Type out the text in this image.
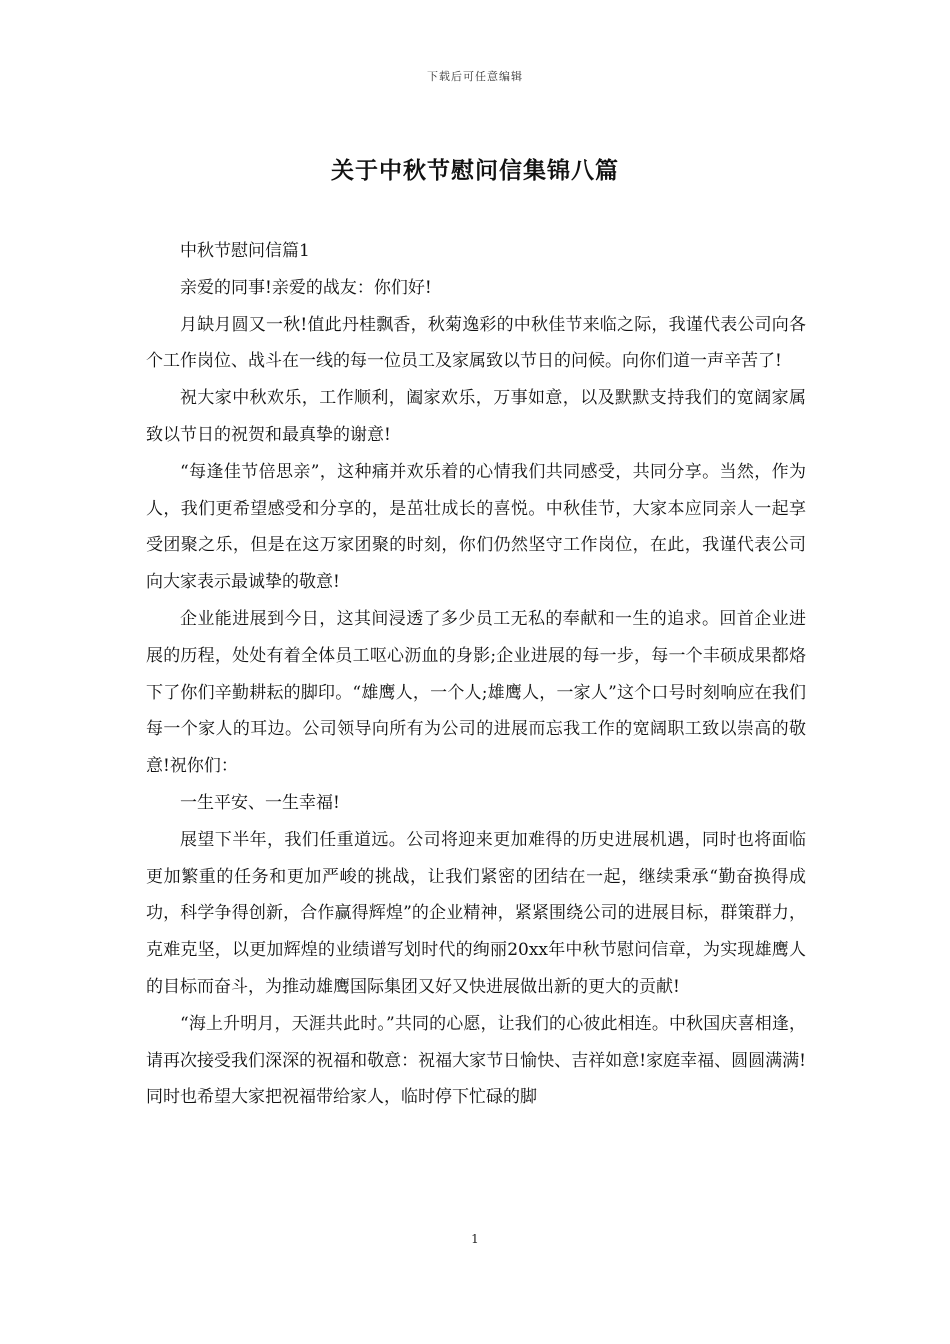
下载后可任意编辑
关于中秋节慰问信集锦八篇

中秋节慰问信篇1

亲爱的同事!亲爱的战友：你们好!

月缺月圆又一秋!值此丹桂飘香，秋菊逸彩的中秋佳节来临之际，我谨代表公司向各个工作岗位、战斗在一线的每一位员工及家属致以节日的问候。向你们道一声辛苦了!

祝大家中秋欢乐，工作顺利，阖家欢乐，万事如意，以及默默支持我们的宽阔家属致以节日的祝贺和最真挚的谢意!

“每逢佳节倍思亲”，这种痛并欢乐着的心情我们共同感受，共同分享。当然，作为人，我们更希望感受和分享的，是茁壮成长的喜悦。中秋佳节，大家本应同亲人一起享受团聚之乐，但是在这万家团聚的时刻，你们仍然坚守工作岗位，在此，我谨代表公司向大家表示最诚挚的敬意!

企业能进展到今日，这其间浸透了多少员工无私的奉献和一生的追求。回首企业进展的历程，处处有着全体员工呕心沥血的身影;企业进展的每一步，每一个丰硕成果都烙下了你们辛勤耕耘的脚印。“雄鹰人，一个人;雄鹰人，一家人”这个口号时刻响应在我们每一个家人的耳边。公司领导向所有为公司的进展而忘我工作的宽阔职工致以崇高的敬意!祝你们：

一生平安、一生幸福!

展望下半年，我们任重道远。公司将迎来更加难得的历史进展机遇，同时也将面临更加繁重的任务和更加严峻的挑战，让我们紧密的团结在一起，继续秉承“勤奋换得成功，科学争得创新，合作赢得辉煌”的企业精神，紧紧围绕公司的进展目标，群策群力，克难克坚，以更加辉煌的业绩谱写划时代的绚丽20xx年中秋节慰问信章，为实现雄鹰人的目标而奋斗，为推动雄鹰国际集团又好又快进展做出新的更大的贡献!

“海上升明月，天涯共此时。”共同的心愿，让我们的心彼此相连。中秋国庆喜相逢，请再次接受我们深深的祝福和敬意：祝福大家节日愉快、吉祥如意!家庭幸福、圆圆满满!同时也希望大家把祝福带给家人，临时停下忙碌的脚

1
